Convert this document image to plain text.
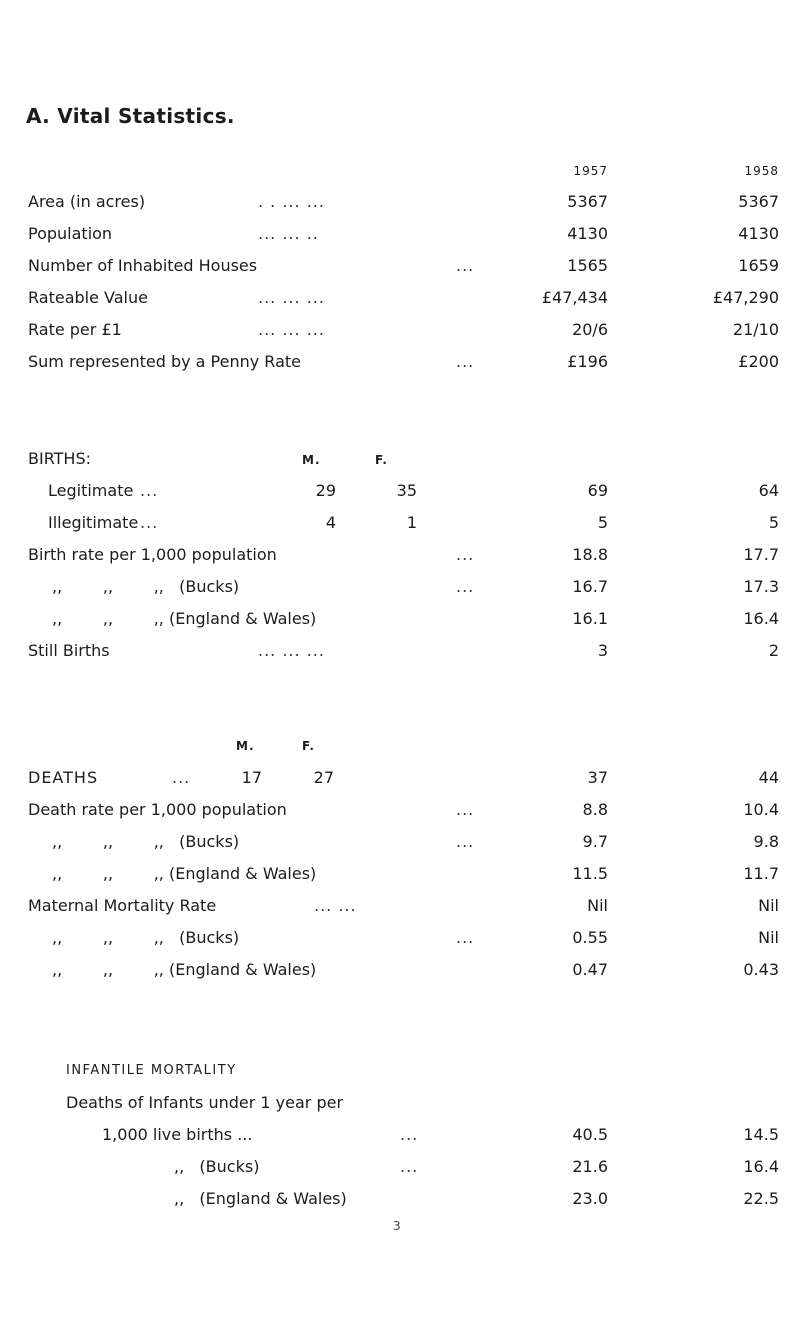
A. Vital Statistics.
1957	1958
Area (in acres)	. . ... ...	5367	5367
Population	... ... ..	4130	4130
Number of Inhabited Houses	...	1565	1659
Rateable Value	... ... ...	£47,434	£47,290
Rate per £1	... ... ...	20/6	21/10
Sum represented by a Penny Rate	...	£196	£200
BIRTHS:	M.	F.
Legitimate ...	29	35	69	64
Illegitimate ...	4	1	5	5
Birth rate per 1,000 population	...	18.8	17.7
,,        ,,        ,,   (Bucks)	...	16.7	17.3
,,        ,,        ,, (England & Wales)	16.1	16.4
Still Births	... ... ...	3	2
M.	F.
DEATHS	...	17	27	37	44
Death rate per 1,000 population	...	8.8	10.4
,,        ,,        ,,   (Bucks)	...	9.7	9.8
,,        ,,        ,, (England & Wales)	11.5	11.7
Maternal Mortality Rate	... ...	Nil	Nil
,,        ,,        ,,   (Bucks)	...	0.55	Nil
,,        ,,        ,, (England & Wales)	0.47	0.43
INFANTILE MORTALITY
Deaths of Infants under 1 year per
1,000 live births ...	...	40.5	14.5
,,   (Bucks)	...	21.6	16.4
,,   (England & Wales)	23.0	22.5
3
